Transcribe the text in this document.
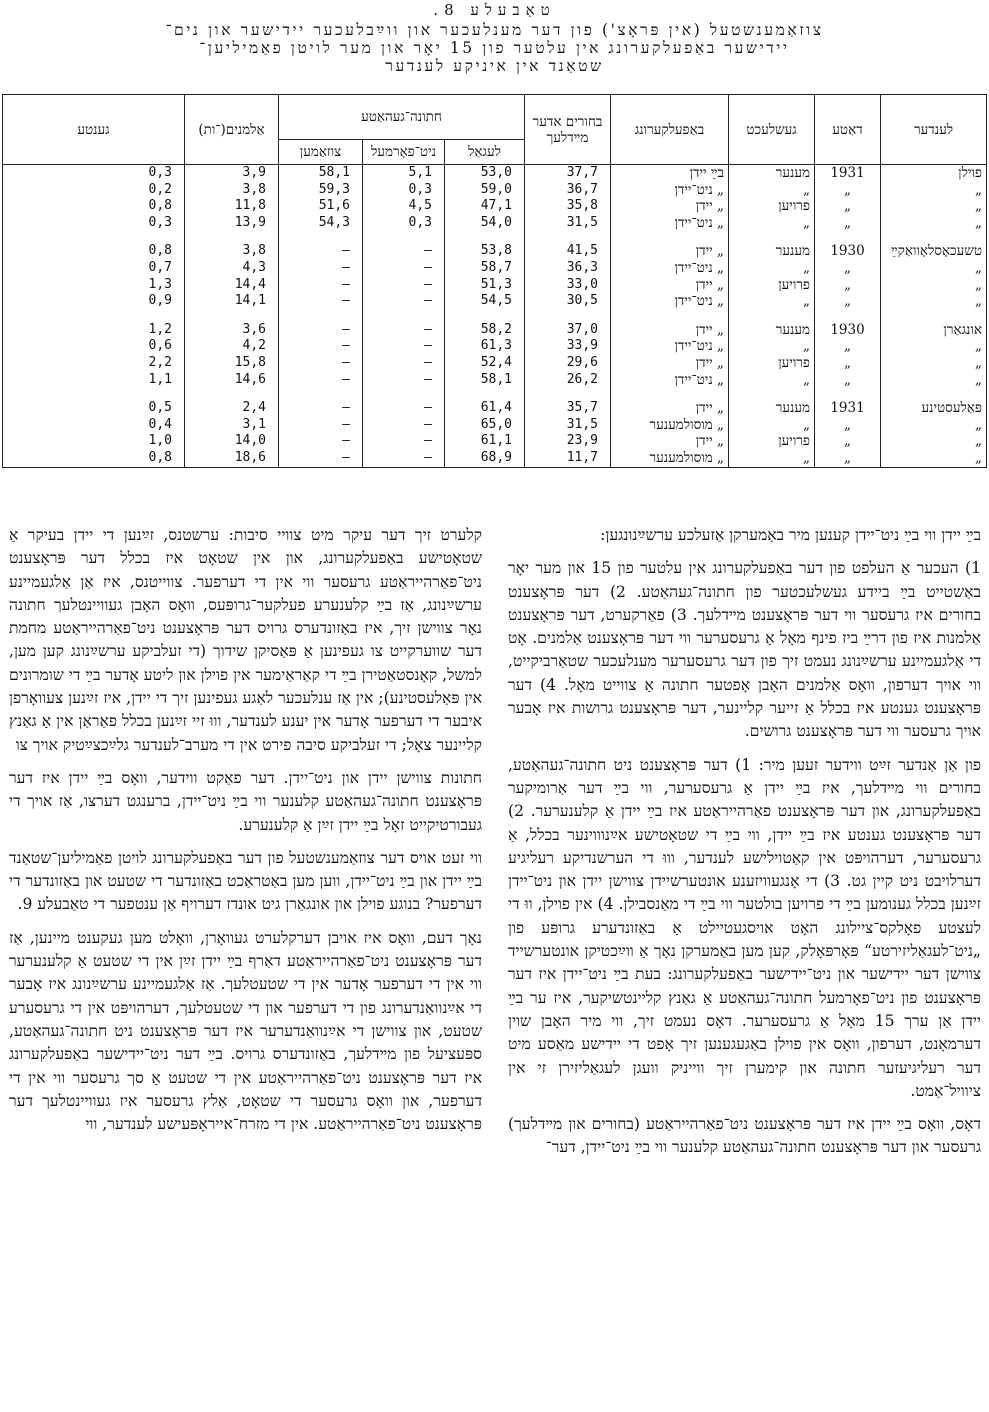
טאַבעלע 8.
צוזאַמענשטעל (אין פּראָצ') פון דער מענלעכער און ווײַבלעכער יידישער און נים־
יידישער באַפעלקערונג אין עלטער פון 15 יאָר און מער לויטן פאַמיליען־
שטאַנד אין איניקע לענדער
לענדער	דאַטע	געשלעכט	באַפעלקערונג	בחורים אדער מײדלעך	חתונה־געהאַטע			אַלמנים(־ות)	גענטע
					לעגאַל	ניט־פאָרמעל	צוזאַמען		
פוילן	1931	מענער	בײַ יידן	37,7	53,0	5,1	58,1	3,9	0,3
„	„	„	„ ניט־יידן	36,7	59,0	0,3	59,3	3,8	0,2
„	„	פרויען	„ יידן	35,8	47,1	4,5	51,6	11,8	0,8
„	„	„	„ ניט־יידן	31,5	54,0	0,3	54,3	13,9	0,3

טשעכאָסלאָוואַקײַ	1930	מענער	„ יידן	41,5	53,8	—	—	3,8	0,8
„	„	„	„ ניט־יידן	36,3	58,7	—	—	4,3	0,7
„	„	פרויען	„ יידן	33,0	51,3	—	—	14,4	1,3
„	„	„	„ ניט־יידן	30,5	54,5	—	—	14,1	0,9

אונגאַרן	1930	מענער	„ יידן	37,0	58,2	—	—	3,6	1,2
„	„	„	„ ניט־יידן	33,9	61,3	—	—	4,2	0,6
„	„	פרויען	„ יידן	29,6	52,4	—	—	15,8	2,2
„	„	„	„ ניט־יידן	26,2	58,1	—	—	14,6	1,1

פּאַלעסטינע	1931	מענער	„ יידן	35,7	61,4	—	—	2,4	0,5
„	„	„	„ מוסולמענער	31,5	65,0	—	—	3,1	0,4
„	„	פרויען	„ יידן	23,9	61,1	—	—	14,0	1,0
„	„	„	„ מוסולמענער	11,7	68,9	—	—	18,6	0,8

בײַ יידן ווי בײַ ניט־יידן קענען מיר באַמערקן אַזעלכע ערשײַנונגען:

1) העכער אַ העלפט פון דער באַפעלקערונג אין עלטער פון 15 און מער יאָר באַשטייט בײַ ביידע געשלעכטער פון חתונה־געהאַטע. 2) דער פּראָצענט בחורים איז גרעסער ווי דער פּראָצענט מײדלעך. 3) פאַרקערט, דער פּראָצענט אַלמנות איז פון דרײַ ביז פינף מאָל אַ גרעסערער ווי דער פּראָצענט אַלמנים. אָט די אַלגעמיינע ערשײַנונג נעמט זיך פון דער גרעסערער מענלעכער שטאַרביקייט, ווי אויך דערפון, וואָס אַלמנים האָבן אָפטער חתונה אַ צווייט מאָל. 4) דער פּראָצענט גענטע איז בכלל אַ זייער קליינער, דער פּראָצענט גרושות איז אָבער אויך גרעסער ווי דער פּראָצענט גרושים.

פון אַן אַנדער זײַט ווידער זעען מיר: 1) דער פּראָצענט ניט חתונה־געהאַטע, בחורים ווי מײדלעך, איז בײַ יידן אַ גרעסערער, ווי בײַ דער אַרומיקער באַפעלקערונג, און דער פּראָצענט פאַרהייראַטע איז בײַ יידן אַ קלענערער. 2) דער פּראָצענט גענטע איז בײַ יידן, ווי בײַ די שטאָטישע אײַנוווינער בכלל, אַ גרעסערער, דערהויפּט אין קאַטוילישע לענדער, וווּ די הערשנדיקע רעליגיע דערלויבט ניט קיין גט. 3) די אָנגעוויזענע אונטערשיידן צווישן יידן און ניט־יידן זײַנען בכלל גענומען בײַ די פרויען בולטער ווי בײַ די מאַנסבילן. 4) אין פוילן, ווּ די לעצטע פאָלקס־ציילונג האָט אויסגעטיילט אַ באַזונדערע גרופּע פון „ניט־לעגאַליזירטע“ פּאָרפּאָלק, קען מען באַמערקן נאָך אַ ווײַכטיקן אונטערשייד צווישן דער יידישער און ניט־יידישער באַפעלקערונג: בעת בײַ ניט־יידן איז דער פּראָצענט פון ניט־פאָרמעל חתונה־געהאַטע אַ גאַנץ קליינטשיקער, איז ער בײַ יידן אַן ערך 15 מאָל אַ גרעסערער. דאָס נעמט זיך, ווי מיר האָבן שוין דערמאָנט, דערפון, וואָס אין פוילן באַגעגענען זיך אָפט די יידישע מאַסע מיט דער רעליגיעזער חתונה און קימערן זיך ווייניק וועגן לעגאַליזירן זי אין ציוויל־אַמט.

דאָס, וואָס בײַ יידן איז דער פּראָצענט ניט־פאַרהייראַטע (בחורים און מײדלעך) גרעסער און דער פּראָצענט חתונה־געהאַטע קלענער ווי בײַ ניט־יידן, דער־

קלערט זיך דער עיקר מיט צוויי סיבות: ערשטנס, זײַנען די יידן בעיקר אַ שטאָטישע באַפעלקערונג, און אין שטאָט איז בכלל דער פּראָצענט ניט־פאַרהייראַטע גרעסער ווי אין די דערפער. צווייטנס, איז אַן אַלגעמיינע ערשײַנונג, אַז בײַ קלענערע פעלקער־גרופּעס, וואָס האָבן געוויינטלעך חתונה נאָר צווישן זיך, איז באַזונדערס גרויס דער פּראָצענט ניט־פאַרהייראַטע מחמת דער שווערקייט צו געפינען אַ פּאַסיקן שידוך (די זעלביקע ערשײַנונג קען מען, למשל, קאָנסטאַטירן בײַ די קאַראַימער אין פוילן און ליטע אָדער בײַ די שומרונים אין פּאַלעסטינע); אין אַז ענלעכער לאַגע געפינען זיך די יידן, איז זײַנען צעוואָרפן איבער די דערפער אָדער אין יענע לענדער, וווּ זיי זײַנען בכלל פאַראַן אין אַ גאַנץ קליינער צאָל; די זעלביקע סיבה פירט אין די מערב־לענדער גלײַכצײַטיק אויך צו

חתונות צווישן יידן און ניט־יידן. דער פאַקט ווידער, וואָס בײַ יידן איז דער פּראָצענט חתונה־געהאַטע קלענער ווי בײַ ניט־יידן, ברענגט דערצו, אַז אויך די געבורטיקייט זאָל בײַ יידן זײַן אַ קלענערע.

ווי זעט אויס דער צוזאַמענשטעל פון דער באַפעלקערונג לויטן פאַמיליען־שטאַנד בײַ יידן און בײַ ניט־יידן, ווען מען באַטראַכט באַזונדער די שטעט און באַזונדער די דערפער? בנוגע פוילן און אונגאַרן גיט אונדז דערויף אַן ענטפער די טאַבעלע 9.

נאָך דעם, וואָס איז אויבן דערקלערט געוואָרן, וואָלט מען געקענט מיינען, אַז דער פּראָצענט ניט־פאַרהייראַטע דאַרף בײַ יידן זײַן אין די שטעט אַ קלענערער ווי אין די דערפער אָדער אין די שטעטלעך. אַז אַלגעמיינע ערשײַנונג איז אָבער די אײַנוואַנדערונג פון די דערפער און די שטעטלעך, דערהויפּט אין די גרעסערע שטעט, און צווישן די אײַנוואַנדערער איז דער פּראָצענט ניט חתונה־געהאַטע, ספּעציעל פון מײדלעך, באַזונדערס גרויס. בײַ דער ניט־יידישער באַפעלקערונג איז דער פּראָצענט ניט־פאַרהייראַטע אין די שטעט אַ סך גרעסער ווי אין די דערפער, און וואָס גרעסער די שטאָט, אַלץ גרעסער איז געוויינטלעך דער פּראָצענט ניט־פאַרהייראַטע. אין די מזרח־אייראָפּעישע לענדער, ווי
